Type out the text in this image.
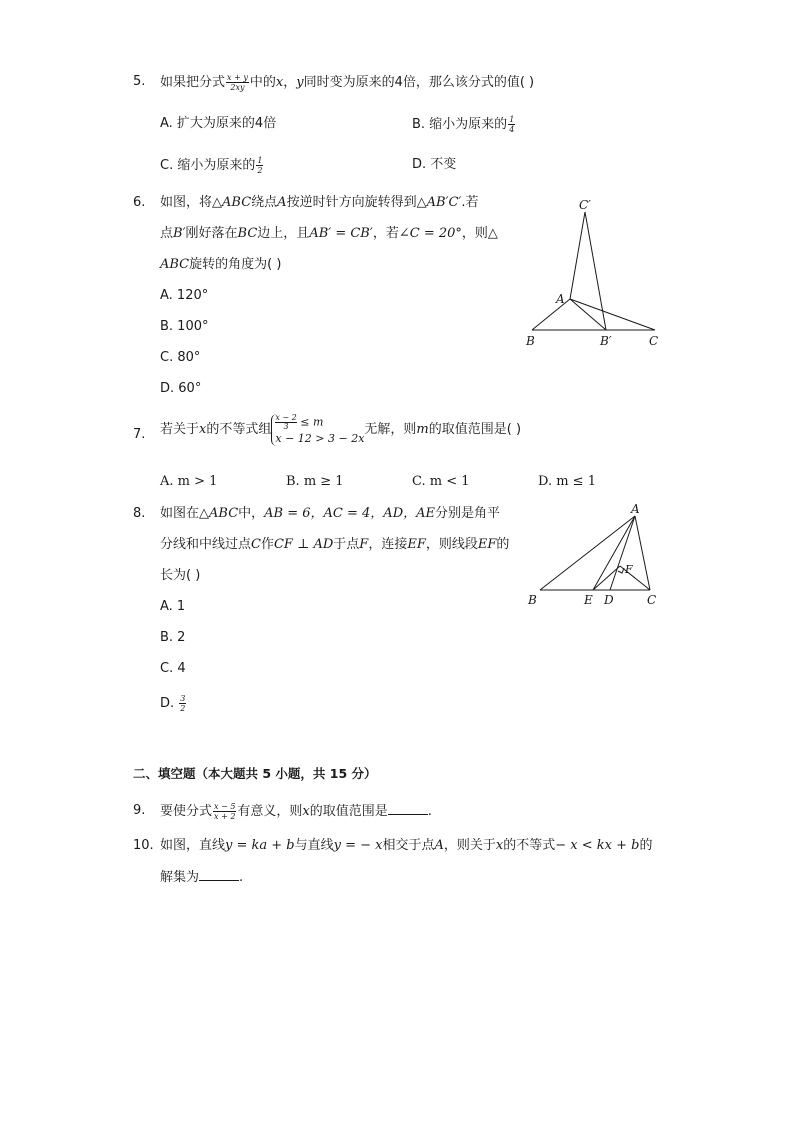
5. 如果把分式 $\frac{x + y}{2xy}$ 中的x，y同时变为原来的4倍，那么该分式的值( )
A. 扩大为原来的4倍	B. 缩小为原来的 $\frac{1}{4}$
C. 缩小为原来的 $\frac{1}{2}$	D. 不变
6. 如图，将△ABC绕点A按逆时针方向旋转得到△AB′C′.若
点B′刚好落在BC边上，且AB′ = CB′，若∠C = 20°，则△
ABC旋转的角度为( )
A. 120°
B. 100°
C. 80°
D. 60°
C′
A
B	B′	C
7. 若关于x的不等式组 $\frac{x - 2}{3} \le m$
x − 12 > 3 − 2x
无解，则m的取值范围是( )
A. m > 1	B. m ≥ 1	C. m < 1	D. m ≤ 1
8. 如图在△ABC中，AB = 6，AC = 4，AD，AE分别是角平
分线和中线过点C作CF ⊥ AD于点F，连接EF，则线段EF的
长为( )
A. 1
B. 2
C. 4
D. $\frac{3}{2}$
A
F
B	E D	C
二、填空题（本大题共 5 小题，共 15 分）
9. 要使分式 $\frac{x - 5}{x + 2}$ 有意义，则x的取值范围是	.
10. 如图，直线y = ka + b与直线y = − x相交于点A，则关于x的不等式− x < kx + b的
解集为	.
